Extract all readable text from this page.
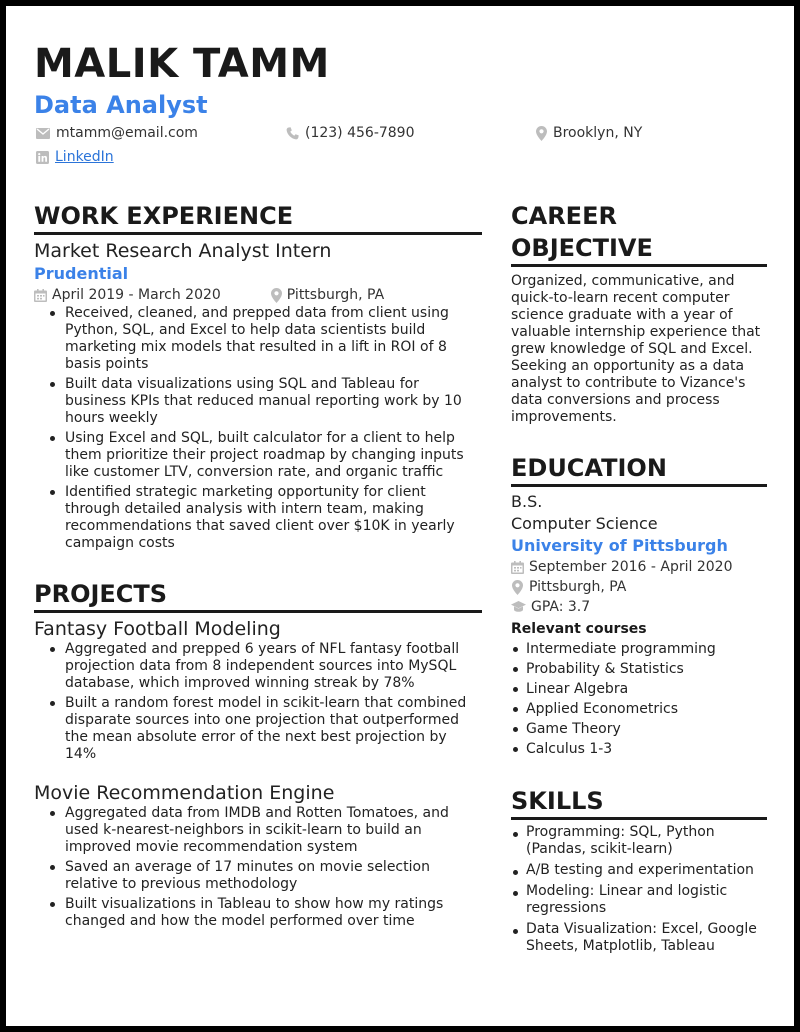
MALIK TAMM
Data Analyst
mtamm@email.com	(123) 456-7890	Brooklyn, NY
LinkedIn
WORK EXPERIENCE
Market Research Analyst Intern
Prudential
April 2019 - March 2020	Pittsburgh, PA
Received, cleaned, and prepped data from client using Python, SQL, and Excel to help data scientists build marketing mix models that resulted in a lift in ROI of 8 basis points
Built data visualizations using SQL and Tableau for business KPIs that reduced manual reporting work by 10 hours weekly
Using Excel and SQL, built calculator for a client to help them prioritize their project roadmap by changing inputs like customer LTV, conversion rate, and organic traffic
Identified strategic marketing opportunity for client through detailed analysis with intern team, making recommendations that saved client over $10K in yearly campaign costs
PROJECTS
Fantasy Football Modeling
Aggregated and prepped 6 years of NFL fantasy football projection data from 8 independent sources into MySQL database, which improved winning streak by 78%
Built a random forest model in scikit-learn that combined disparate sources into one projection that outperformed the mean absolute error of the next best projection by 14%
Movie Recommendation Engine
Aggregated data from IMDB and Rotten Tomatoes, and used k-nearest-neighbors in scikit-learn to build an improved movie recommendation system
Saved an average of 17 minutes on movie selection relative to previous methodology
Built visualizations in Tableau to show how my ratings changed and how the model performed over time
CAREER OBJECTIVE
Organized, communicative, and quick-to-learn recent computer science graduate with a year of valuable internship experience that grew knowledge of SQL and Excel. Seeking an opportunity as a data analyst to contribute to Vizance's data conversions and process improvements.
EDUCATION
B.S.
Computer Science
University of Pittsburgh
September 2016 - April 2020
Pittsburgh, PA
GPA: 3.7
Relevant courses
Intermediate programming
Probability & Statistics
Linear Algebra
Applied Econometrics
Game Theory
Calculus 1-3
SKILLS
Programming: SQL, Python (Pandas, scikit-learn)
A/B testing and experimentation
Modeling: Linear and logistic regressions
Data Visualization: Excel, Google Sheets, Matplotlib, Tableau
